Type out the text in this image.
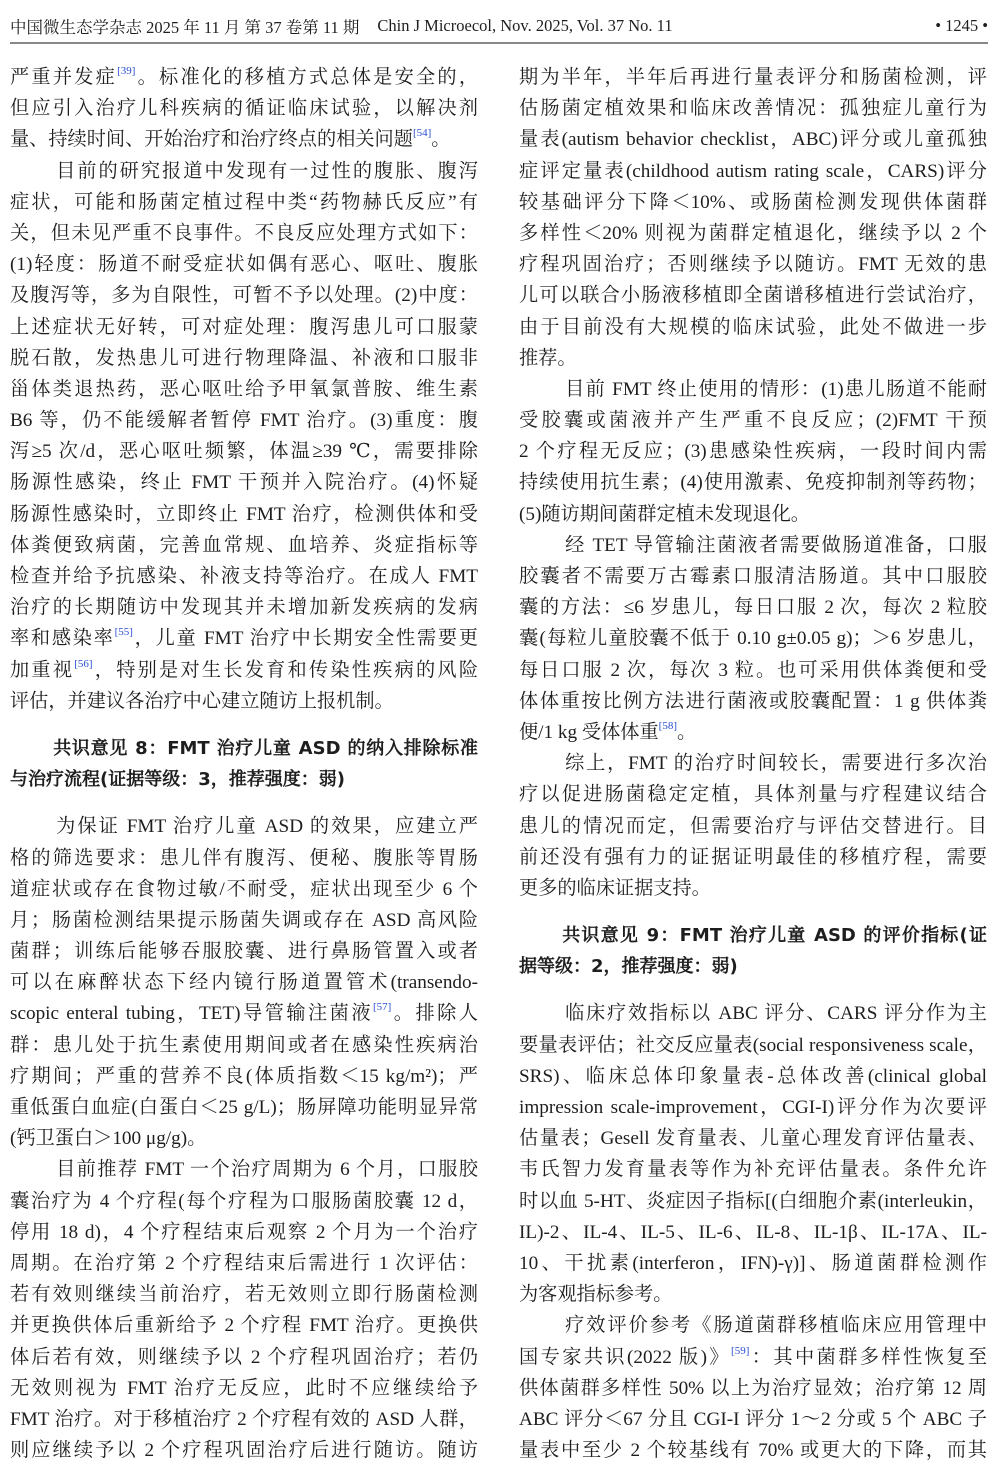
中国微生态学杂志 2025 年 11 月 第 37 卷第 11 期 Chin J Microecol, Nov. 2025, Vol. 37 No. 11	• 1245 •
严重并发症[39]。标准化的移植方式总体是安全的，
但应引入治疗儿科疾病的循证临床试验，以解决剂
量、持续时间、开始治疗和治疗终点的相关问题[54]。
目前的研究报道中发现有一过性的腹胀、腹泻
症状，可能和肠菌定植过程中类“药物赫氏反应”有
关，但未见严重不良事件。不良反应处理方式如下：
(1)轻度：肠道不耐受症状如偶有恶心、呕吐、腹胀
及腹泻等，多为自限性，可暂不予以处理。(2)中度：
上述症状无好转，可对症处理：腹泻患儿可口服蒙
脱石散，发热患儿可进行物理降温、补液和口服非
甾体类退热药，恶心呕吐给予甲氧氯普胺、维生素
B6 等，仍不能缓解者暂停 FMT 治疗。(3)重度：腹
泻≥5 次/d，恶心呕吐频繁，体温≥39 ℃，需要排除
肠源性感染，终止 FMT 干预并入院治疗。(4)怀疑
肠源性感染时，立即终止 FMT 治疗，检测供体和受
体粪便致病菌，完善血常规、血培养、炎症指标等
检查并给予抗感染、补液支持等治疗。在成人 FMT
治疗的长期随访中发现其并未增加新发疾病的发病
率和感染率[55]，儿童 FMT 治疗中长期安全性需要更
加重视[56]，特别是对生长发育和传染性疾病的风险
评估，并建议各治疗中心建立随访上报机制。
共识意见 8：FMT 治疗儿童 ASD 的纳入排除标准
与治疗流程(证据等级：3，推荐强度：弱)
为保证 FMT 治疗儿童 ASD 的效果，应建立严
格的筛选要求：患儿伴有腹泻、便秘、腹胀等胃肠
道症状或存在食物过敏/不耐受，症状出现至少 6 个
月；肠菌检测结果提示肠菌失调或存在 ASD 高风险
菌群；训练后能够吞服胶囊、进行鼻肠管置入或者
可以在麻醉状态下经内镜行肠道置管术(transendo-
scopic enteral tubing，TET)导管输注菌液[57]。排除人
群：患儿处于抗生素使用期间或者在感染性疾病治
疗期间；严重的营养不良(体质指数＜15 kg/m²)；严
重低蛋白血症(白蛋白＜25 g/L)；肠屏障功能明显异常
(钙卫蛋白＞100 μg/g)。
目前推荐 FMT 一个治疗周期为 6 个月，口服胶
囊治疗为 4 个疗程(每个疗程为口服肠菌胶囊 12 d，
停用 18 d)，4 个疗程结束后观察 2 个月为一个治疗
周期。在治疗第 2 个疗程结束后需进行 1 次评估：
若有效则继续当前治疗，若无效则立即行肠菌检测
并更换供体后重新给予 2 个疗程 FMT 治疗。更换供
体后若有效，则继续予以 2 个疗程巩固治疗；若仍
无效则视为 FMT 治疗无反应，此时不应继续给予
FMT 治疗。对于移植治疗 2 个疗程有效的 ASD 人群，
则应继续予以 2 个疗程巩固治疗后进行随访。随访
期为半年，半年后再进行量表评分和肠菌检测，评
估肠菌定植效果和临床改善情况：孤独症儿童行为
量表(autism behavior checklist，ABC)评分或儿童孤独
症评定量表(childhood autism rating scale，CARS)评分
较基础评分下降＜10%、或肠菌检测发现供体菌群
多样性＜20% 则视为菌群定植退化，继续予以 2 个
疗程巩固治疗；否则继续予以随访。FMT 无效的患
儿可以联合小肠液移植即全菌谱移植进行尝试治疗，
由于目前没有大规模的临床试验，此处不做进一步
推荐。
目前 FMT 终止使用的情形：(1)患儿肠道不能耐
受胶囊或菌液并产生严重不良反应；(2)FMT 干预
2 个疗程无反应；(3)患感染性疾病，一段时间内需
持续使用抗生素；(4)使用激素、免疫抑制剂等药物；
(5)随访期间菌群定植未发现退化。
经 TET 导管输注菌液者需要做肠道准备，口服
胶囊者不需要万古霉素口服清洁肠道。其中口服胶
囊的方法：≤6 岁患儿，每日口服 2 次，每次 2 粒胶
囊(每粒儿童胶囊不低于 0.10 g±0.05 g)；＞6 岁患儿，
每日口服 2 次，每次 3 粒。也可采用供体粪便和受
体体重按比例方法进行菌液或胶囊配置：1 g 供体粪
便/1 kg 受体体重[58]。
综上，FMT 的治疗时间较长，需要进行多次治
疗以促进肠菌稳定定植，具体剂量与疗程建议结合
患儿的情况而定，但需要治疗与评估交替进行。目
前还没有强有力的证据证明最佳的移植疗程，需要
更多的临床证据支持。
共识意见 9：FMT 治疗儿童 ASD 的评价指标(证
据等级：2，推荐强度：弱)
临床疗效指标以 ABC 评分、CARS 评分作为主
要量表评估；社交反应量表(social responsiveness scale，
SRS)、临床总体印象量表-总体改善(clinical global
impression scale-improvement，CGI-I)评分作为次要评
估量表；Gesell 发育量表、儿童心理发育评估量表、
韦氏智力发育量表等作为补充评估量表。条件允许
时以血 5-HT、炎症因子指标[(白细胞介素(interleukin，
IL)-2、IL-4、IL-5、IL-6、IL-8、IL-1β、IL-17A、IL-
10、干扰素(interferon，IFN)-γ)]、肠道菌群检测作
为客观指标参考。
疗效评价参考《肠道菌群移植临床应用管理中
国专家共识(2022 版)》[59]：其中菌群多样性恢复至
供体菌群多样性 50% 以上为治疗显效；治疗第 12 周
ABC 评分＜67 分且 CGI-I 评分 1～2 分或 5 个 ABC 子
量表中至少 2 个较基线有 70% 或更大的下降，而其
